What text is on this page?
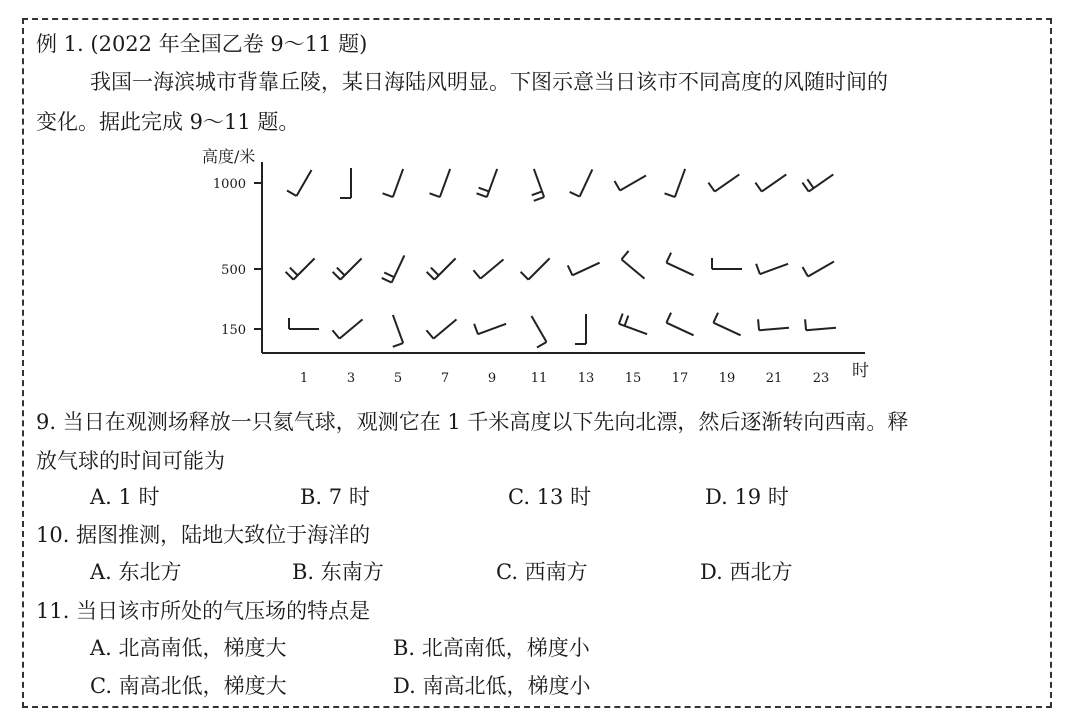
例 1. (2022 年全国乙卷 9～11 题)
我国一海滨城市背靠丘陵，某日海陆风明显。下图示意当日该市不同高度的风随时间的
变化。据此完成 9～11 题。
高度/米
时
1000
500
150
1	3	5	7	9	11 13 15 17 19 21 23
9. 当日在观测场释放一只氦气球，观测它在 1 千米高度以下先向北漂，然后逐渐转向西南。释
放气球的时间可能为
A. 1 时	B. 7 时	C. 13 时	D. 19 时
10. 据图推测，陆地大致位于海洋的
A. 东北方	B. 东南方	C. 西南方	D. 西北方
11. 当日该市所处的气压场的特点是
A. 北高南低，梯度大	B. 北高南低，梯度小
C. 南高北低，梯度大	D. 南高北低，梯度小
